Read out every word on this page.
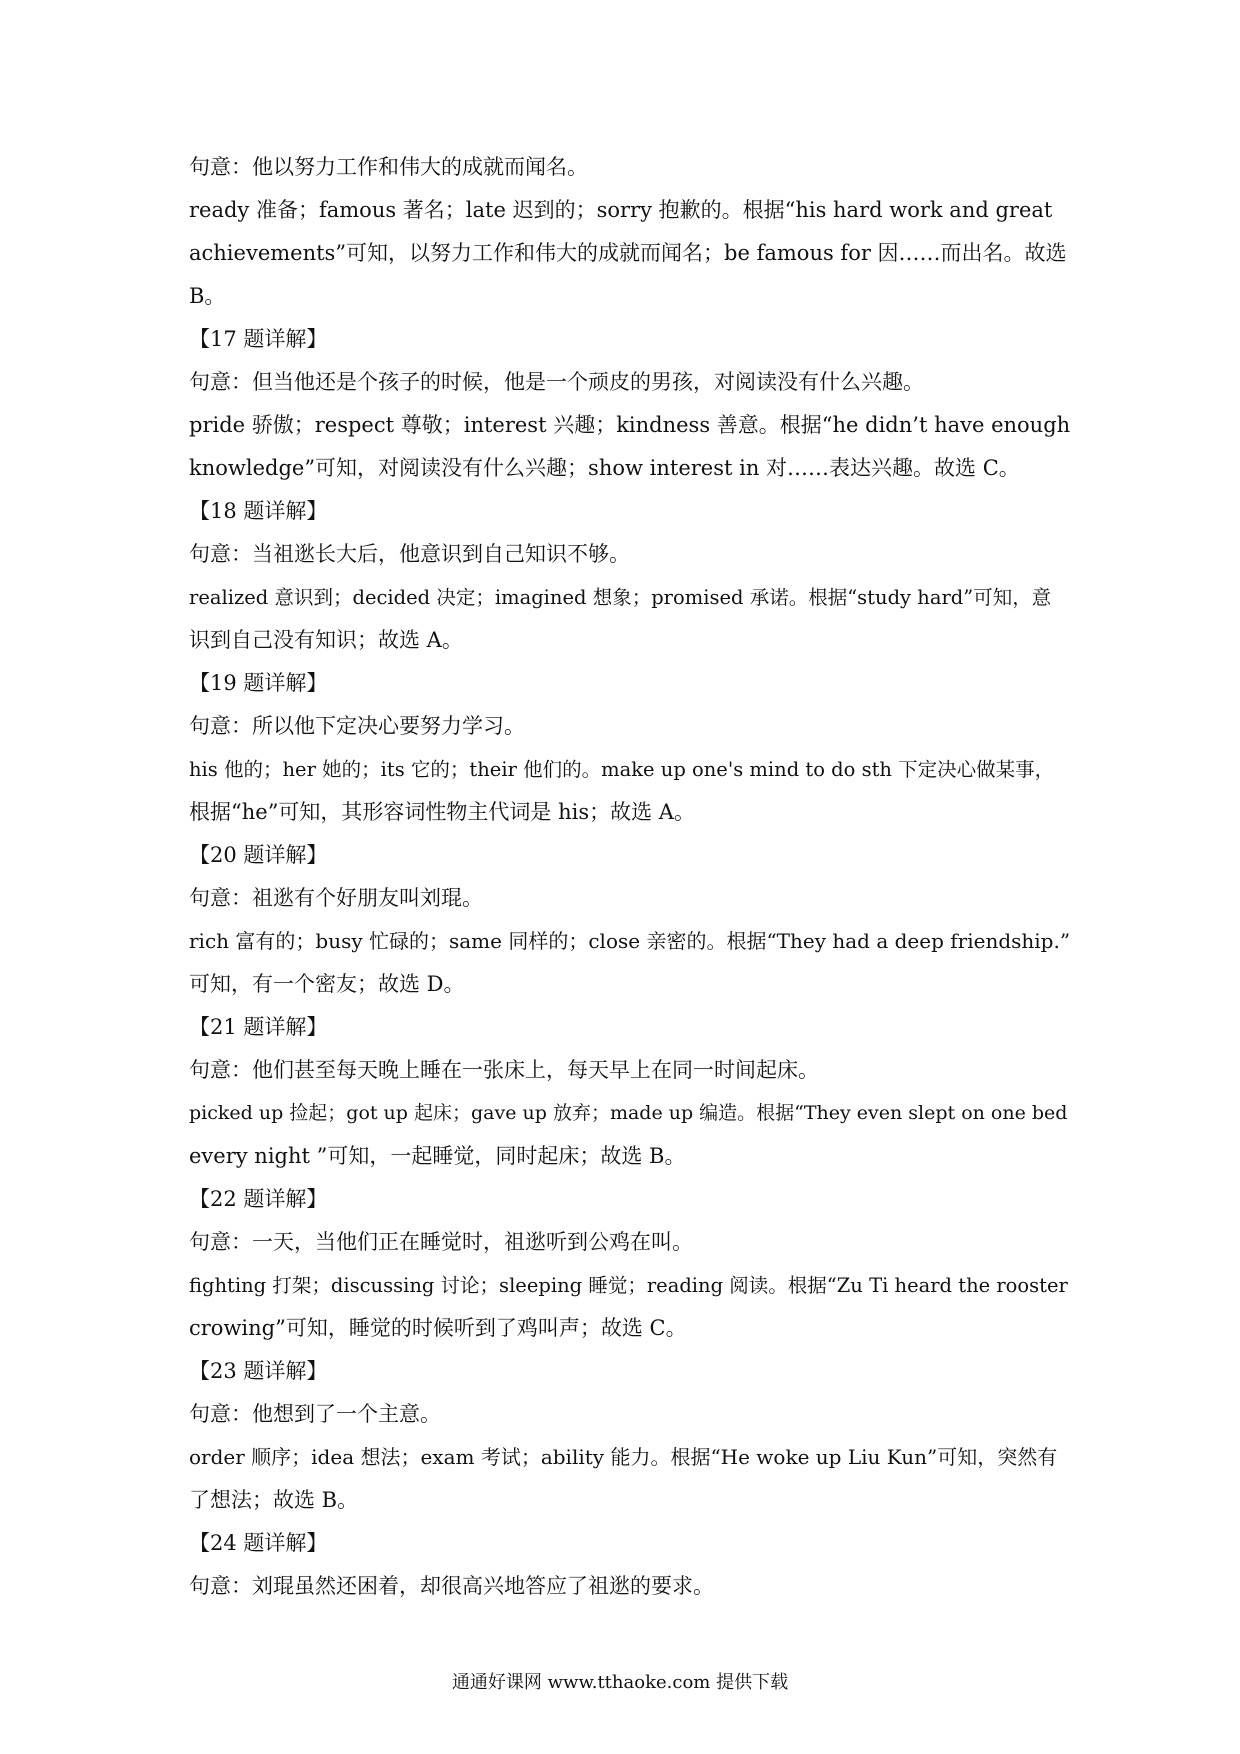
句意：他以努力工作和伟大的成就而闻名。
ready 准备；famous 著名；late 迟到的；sorry 抱歉的。根据“his hard work and great
achievements”可知，以努力工作和伟大的成就而闻名；be famous for 因……而出名。故选
B。
【17 题详解】
句意：但当他还是个孩子的时候，他是一个顽皮的男孩，对阅读没有什么兴趣。
pride 骄傲；respect 尊敬；interest 兴趣；kindness 善意。根据“he didn’t have enough
knowledge”可知，对阅读没有什么兴趣；show interest in 对……表达兴趣。故选 C。
【18 题详解】
句意：当祖逖长大后，他意识到自己知识不够。
realized 意识到；decided 决定；imagined 想象；promised 承诺。根据“study hard”可知，意
识到自己没有知识；故选 A。
【19 题详解】
句意：所以他下定决心要努力学习。
his 他的；her 她的；its 它的；their 他们的。make up one's mind to do sth 下定决心做某事，
根据“he”可知，其形容词性物主代词是 his；故选 A。
【20 题详解】
句意：祖逖有个好朋友叫刘琨。
rich 富有的；busy 忙碌的；same 同样的；close 亲密的。根据“They had a deep friendship.”
可知，有一个密友；故选 D。
【21 题详解】
句意：他们甚至每天晚上睡在一张床上，每天早上在同一时间起床。
picked up 捡起；got up 起床；gave up 放弃；made up 编造。根据“They even slept on one bed
every night ”可知，一起睡觉，同时起床；故选 B。
【22 题详解】
句意：一天，当他们正在睡觉时，祖逖听到公鸡在叫。
fighting 打架；discussing 讨论；sleeping 睡觉；reading 阅读。根据“Zu Ti heard the rooster
crowing”可知，睡觉的时候听到了鸡叫声；故选 C。
【23 题详解】
句意：他想到了一个主意。
order 顺序；idea 想法；exam 考试；ability 能力。根据“He woke up Liu Kun”可知，突然有
了想法；故选 B。
【24 题详解】
句意：刘琨虽然还困着，却很高兴地答应了祖逖的要求。
通通好课网 www.tthaoke.com 提供下载
